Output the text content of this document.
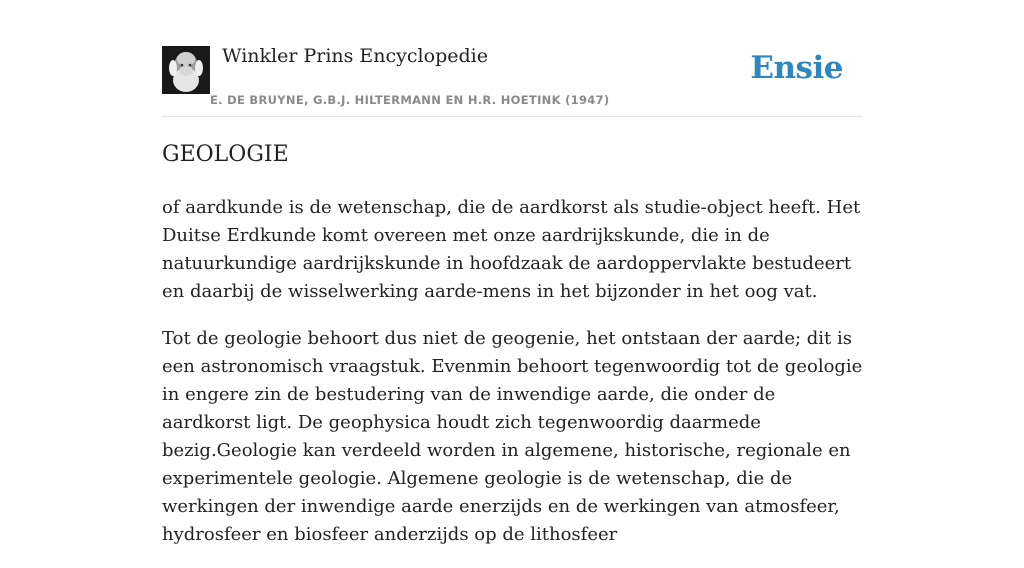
Winkler Prins Encyclopedie
E. DE BRUYNE, G.B.J. HILTERMANN EN H.R. HOETINK (1947)
Ensie
GEOLOGIE

of aardkunde is de wetenschap, die de aardkorst als studie-object heeft. Het Duitse Erdkunde komt overeen met onze aardrijkskunde, die in de natuurkundige aardrijkskunde in hoofdzaak de aardoppervlakte bestudeert en daarbij de wisselwerking aarde-mens in het bijzonder in het oog vat.

Tot de geologie behoort dus niet de geogenie, het ontstaan der aarde; dit is een astronomisch vraagstuk. Evenmin behoort tegenwoordig tot de geologie in engere zin de bestudering van de inwendige aarde, die onder de aardkorst ligt. De geophysica houdt zich tegenwoordig daarmede bezig.Geologie kan verdeeld worden in algemene, historische, regionale en experimentele geologie. Algemene geologie is de wetenschap, die de werkingen der inwendige aarde enerzijds en de werkingen van atmosfeer, hydrosfeer en biosfeer anderzijds op de lithosfeer
